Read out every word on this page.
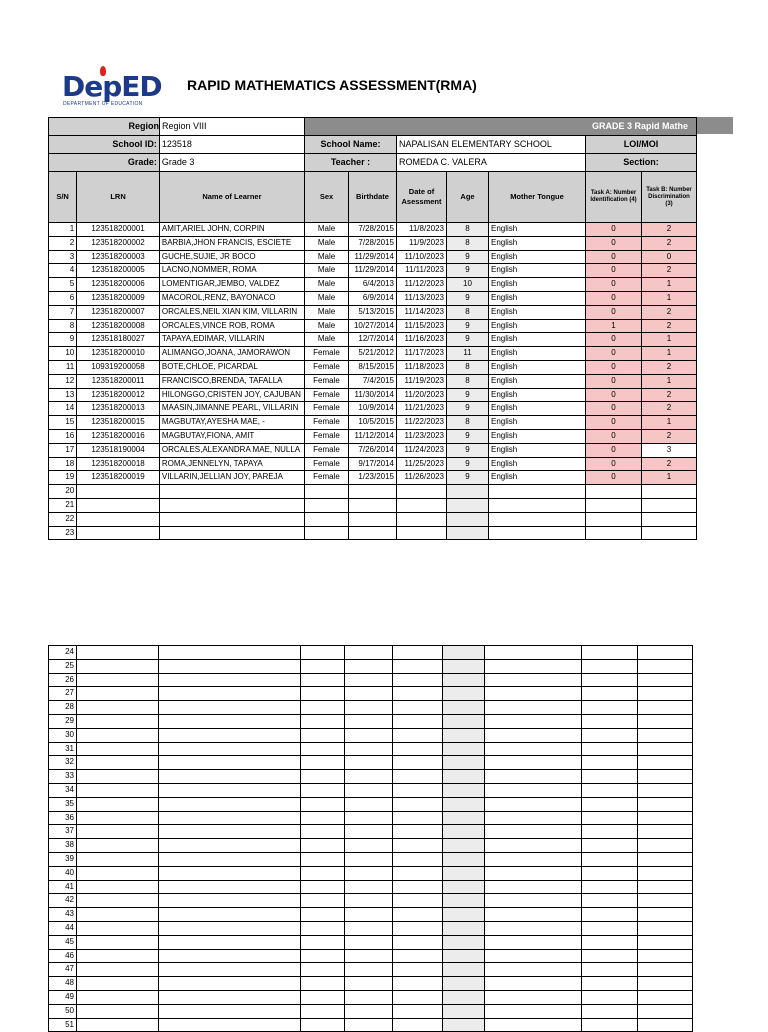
DepED
DEPARTMENT OF EDUCATION
RAPID MATHEMATICS ASSESSMENT(RMA)
Region Region VIII			GRADE 3 Rapid Mathe						
School ID:		123518	School Name:		NAPALISAN ELEMENTARY SCHOOL			LOI/MOI	
Grade:		Grade 3	Teacher :		ROMEDA C. VALERA			Section:	
S/N	LRN	Name of Learner	Sex	Birthdate	Date of Asessment	Age	Mother Tongue	Task A: Number Identification (4)	Task B: Number Discrimination (3)
1	123518200001	AMIT,ARIEL JOHN, CORPIN	Male	7/28/2015	11/8/2023	8	English	0	2
2	123518200002	BARBIA,JHON FRANCIS, ESCIETE	Male	7/28/2015	11/9/2023	8	English	0	2
3	123518200003	GUCHE,SUJIE, JR BOCO	Male	11/29/2014	11/10/2023	9	English	0	0
4	123518200005	LACNO,NOMMER, ROMA	Male	11/29/2014	11/11/2023	9	English	0	2
5	123518200006	LOMENTIGAR,JEMBO, VALDEZ	Male	6/4/2013	11/12/2023	10	English	0	1
6	123518200009	MACOROL,RENZ, BAYONACO	Male	6/9/2014	11/13/2023	9	English	0	1
7	123518200007	ORCALES,NEIL XIAN KIM, VILLARIN	Male	5/13/2015	11/14/2023	8	English	0	2
8	123518200008	ORCALES,VINCE ROB, ROMA	Male	10/27/2014	11/15/2023	9	English	1	2
9	123518180027	TAPAYA,EDIMAR, VILLARIN	Male	12/7/2014	11/16/2023	9	English	0	1
10	123518200010	ALIMANGO,JOANA, JAMORAWON	Female	5/21/2012	11/17/2023	11	English	0	1
11	109319200058	BOTE,CHLOE, PICARDAL	Female	8/15/2015	11/18/2023	8	English	0	2
12	123518200011	FRANCISCO,BRENDA, TAFALLA	Female	7/4/2015	11/19/2023	8	English	0	1
13	123518200012	HILONGGO,CRISTEN JOY, CAJUBAN	Female	11/30/2014	11/20/2023	9	English	0	2
14	123518200013	MAASIN,JIMANNE PEARL, VILLARIN	Female	10/9/2014	11/21/2023	9	English	0	2
15	123518200015	MAGBUTAY,AYESHA MAE, -	Female	10/5/2015	11/22/2023	8	English	0	1
16	123518200016	MAGBUTAY,FIONA, AMIT	Female	11/12/2014	11/23/2023	9	English	0	2
17	123518190004	ORCALES,ALEXANDRA MAE, NULLA	Female	7/26/2014	11/24/2023	9	English	0	3
18	123518200018	ROMA,JENNELYN, TAPAYA	Female	9/17/2014	11/25/2023	9	English	0	2
19	123518200019	VILLARIN,JELLIAN JOY, PAREJA	Female	1/23/2015	11/26/2023	9	English	0	1
20									
21									
22									
23									
24									
25									
26									
27									
28									
29									
30									
31									
32									
33									
34									
35									
36									
37									
38									
39									
40									
41									
42									
43									
44									
45									
46									
47									
48									
49									
50									
51									
